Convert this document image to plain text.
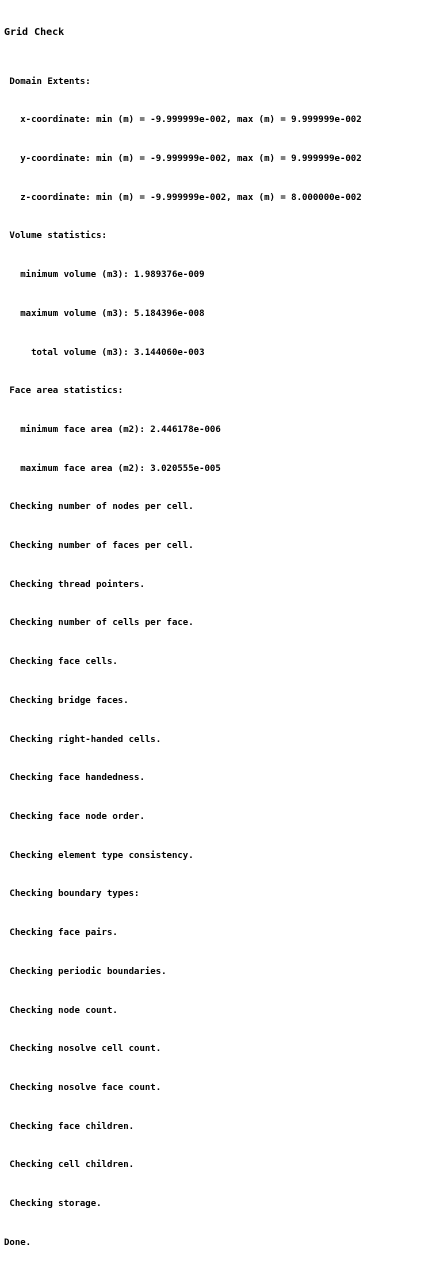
Grid Check

Domain Extents:

x-coordinate: min (m) = -9.999999e-002, max (m) = 9.999999e-002

y-coordinate: min (m) = -9.999999e-002, max (m) = 9.999999e-002

z-coordinate: min (m) = -9.999999e-002, max (m) = 8.000000e-002

Volume statistics:

minimum volume (m3): 1.989376e-009

maximum volume (m3): 5.184396e-008

total volume (m3): 3.144060e-003

Face area statistics:

minimum face area (m2): 2.446178e-006

maximum face area (m2): 3.020555e-005

Checking number of nodes per cell.

Checking number of faces per cell.

Checking thread pointers.

Checking number of cells per face.

Checking face cells.

Checking bridge faces.

Checking right-handed cells.

Checking face handedness.

Checking face node order.

Checking element type consistency.

Checking boundary types:

Checking face pairs.

Checking periodic boundaries.

Checking node count.

Checking nosolve cell count.

Checking nosolve face count.

Checking face children.

Checking cell children.

Checking storage.

Done.
